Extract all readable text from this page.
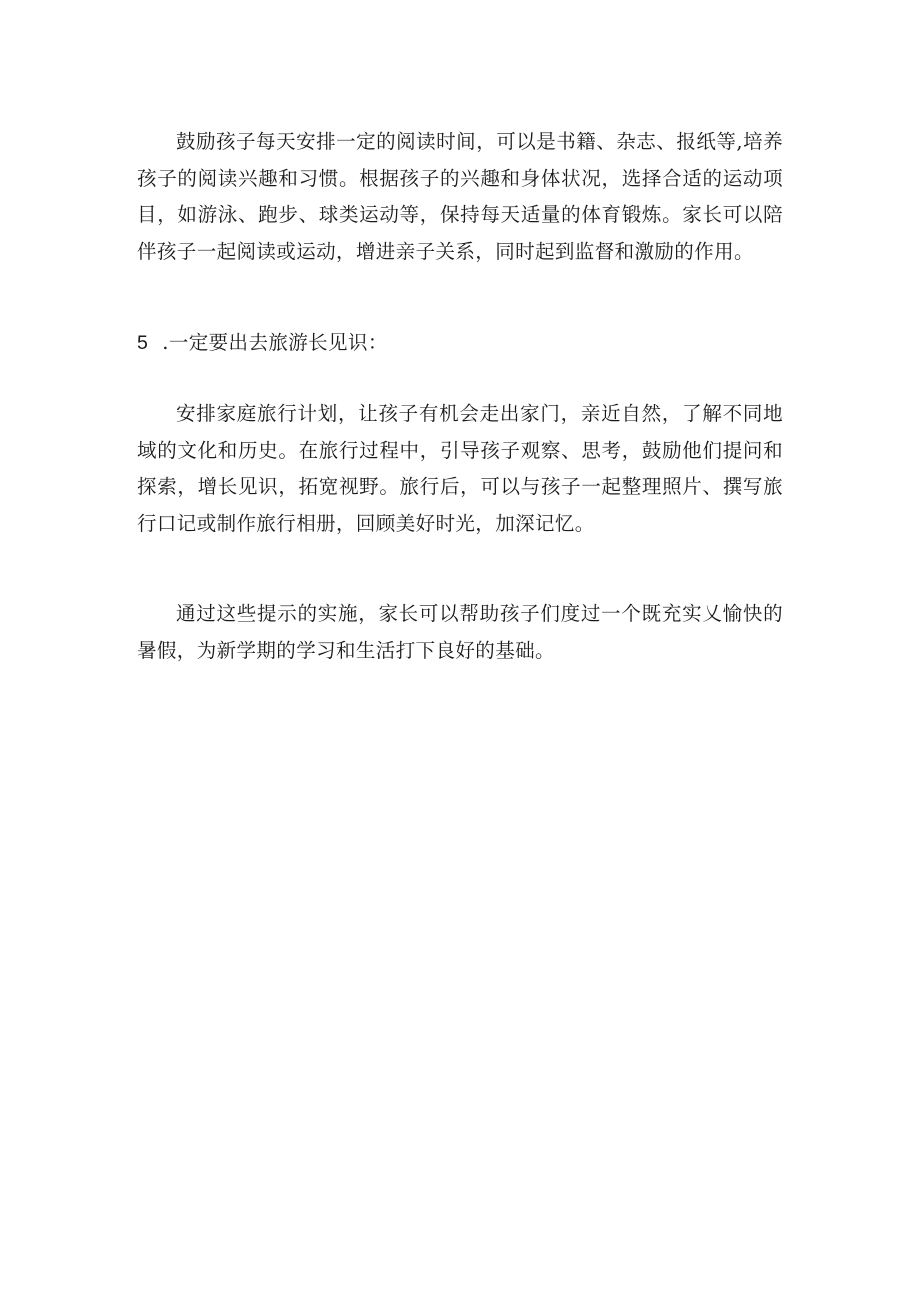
鼓励孩子每天安排一定的阅读时间，可以是书籍、杂志、报纸等,培养孩子的阅读兴趣和习惯。根据孩子的兴趣和身体状况，选择合适的运动项目，如游泳、跑步、球类运动等，保持每天适量的体育锻炼。家长可以陪伴孩子一起阅读或运动，增进亲子关系，同时起到监督和激励的作用。

5 .一定要出去旅游长见识：

安排家庭旅行计划，让孩子有机会走出家门，亲近自然，了解不同地域的文化和历史。在旅行过程中，引导孩子观察、思考，鼓励他们提问和探索，增长见识，拓宽视野。旅行后，可以与孩子一起整理照片、撰写旅行口记或制作旅行相册，回顾美好时光，加深记忆。

通过这些提示的实施，家长可以帮助孩子们度过一个既充实乂愉快的暑假，为新学期的学习和生活打下良好的基础。
